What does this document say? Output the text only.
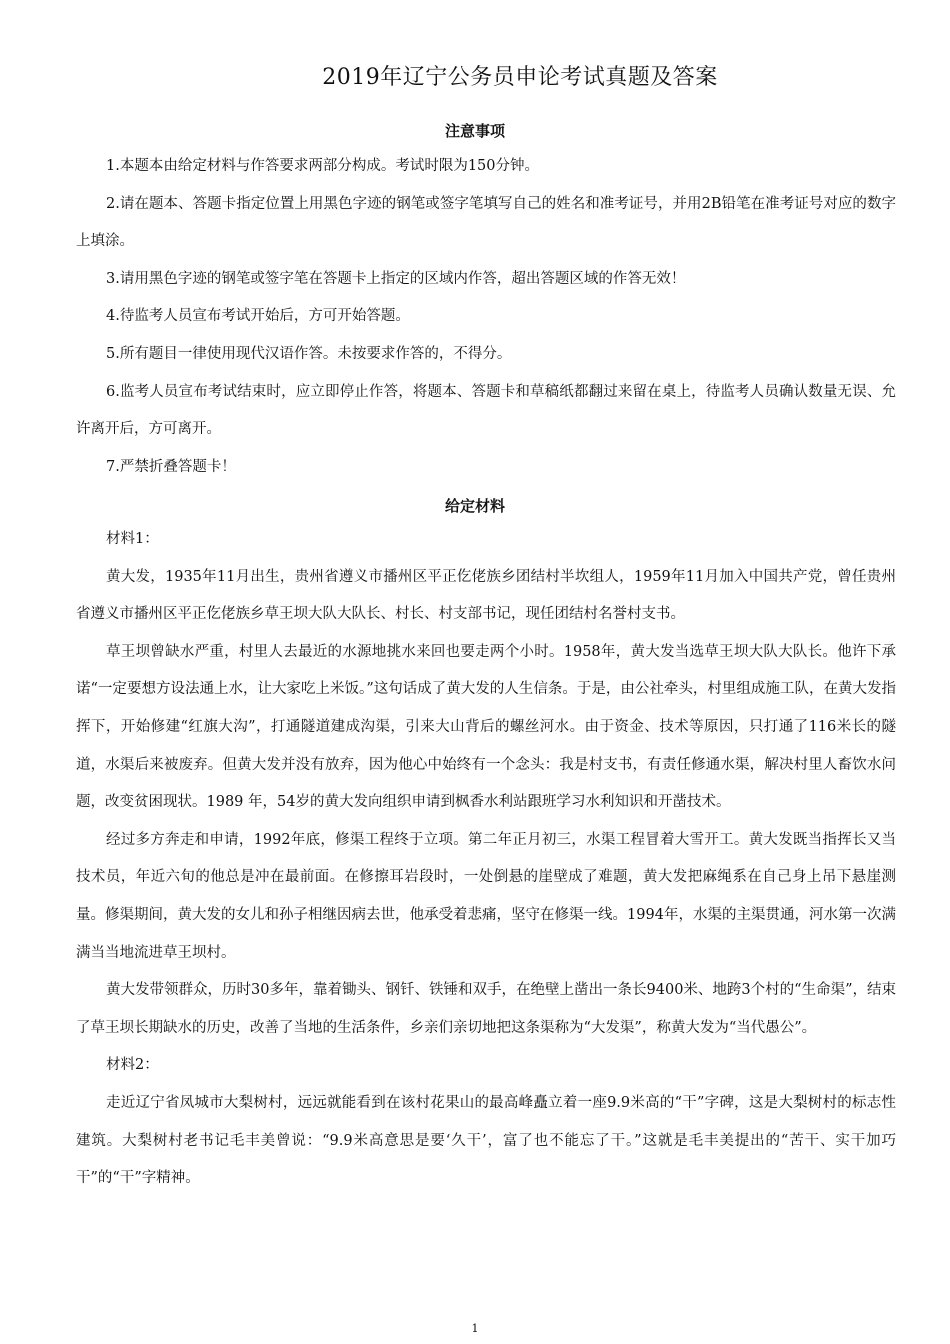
2019年辽宁公务员申论考试真题及答案
注意事项

1.本题本由给定材料与作答要求两部分构成。考试时限为150分钟。

2.请在题本、答题卡指定位置上用黑色字迹的钢笔或签字笔填写自己的姓名和准考证号，并用2B铅笔在准考证号对应的数字上填涂。

3.请用黑色字迹的钢笔或签字笔在答题卡上指定的区域内作答，超出答题区域的作答无效！

4.待监考人员宣布考试开始后，方可开始答题。

5.所有题目一律使用现代汉语作答。未按要求作答的，不得分。

6.监考人员宣布考试结束时，应立即停止作答，将题本、答题卡和草稿纸都翻过来留在桌上，待监考人员确认数量无误、允许离开后，方可离开。

7.严禁折叠答题卡！

给定材料

材料1：

黄大发，1935年11月出生，贵州省遵义市播州区平正仡佬族乡团结村半坎组人，1959年11月加入中国共产党，曾任贵州省遵义市播州区平正仡佬族乡草王坝大队大队长、村长、村支部书记，现任团结村名誉村支书。

草王坝曾缺水严重，村里人去最近的水源地挑水来回也要走两个小时。1958年，黄大发当选草王坝大队大队长。他许下承诺“一定要想方设法通上水，让大家吃上米饭。”这句话成了黄大发的人生信条。于是，由公社牵头，村里组成施工队，在黄大发指挥下，开始修建“红旗大沟”，打通隧道建成沟渠，引来大山背后的螺丝河水。由于资金、技术等原因，只打通了116米长的隧道，水渠后来被废弃。但黄大发并没有放弃，因为他心中始终有一个念头：我是村支书，有责任修通水渠，解决村里人畜饮水问题，改变贫困现状。1989 年，54岁的黄大发向组织申请到枫香水利站跟班学习水利知识和开凿技术。

经过多方奔走和申请，1992年底，修渠工程终于立项。第二年正月初三，水渠工程冒着大雪开工。黄大发既当指挥长又当技术员，年近六旬的他总是冲在最前面。在修擦耳岩段时，一处倒悬的崖壁成了难题，黄大发把麻绳系在自己身上吊下悬崖测量。修渠期间，黄大发的女儿和孙子相继因病去世，他承受着悲痛，坚守在修渠一线。1994年，水渠的主渠贯通，河水第一次满满当当地流进草王坝村。

黄大发带领群众，历时30多年，靠着锄头、钢钎、铁锤和双手，在绝壁上凿出一条长9400米、地跨3个村的“生命渠”，结束了草王坝长期缺水的历史，改善了当地的生活条件，乡亲们亲切地把这条渠称为“大发渠”，称黄大发为“当代愚公”。

材料2：

走近辽宁省凤城市大梨树村，远远就能看到在该村花果山的最高峰矗立着一座9.9米高的“干”字碑，这是大梨树村的标志性建筑。大梨树村老书记毛丰美曾说：“9.9米高意思是要‘久干’，富了也不能忘了干。”这就是毛丰美提出的“苦干、实干加巧干”的“干”字精神。

1
